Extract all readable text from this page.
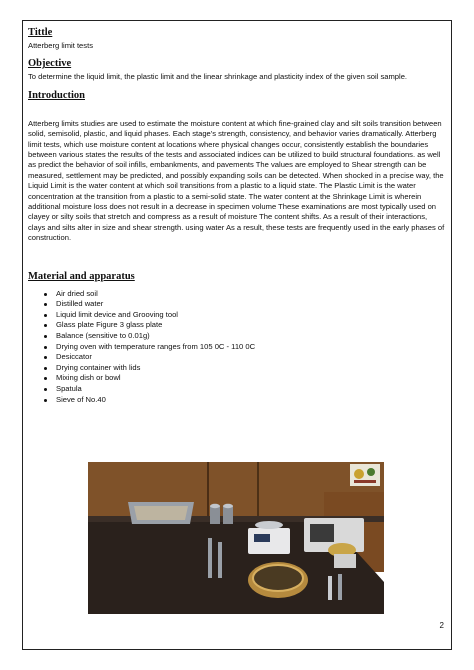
Tittle

Atterberg limit tests

Objective

To determine the liquid limit, the plastic limit and the linear shrinkage and plasticity index of the given soil sample.

Introduction

Atterberg limits studies are used to estimate the moisture content at which fine-grained clay and silt soils transition between solid, semisolid, plastic, and liquid phases. Each stage's strength, consistency, and behavior varies dramatically. Atterberg limit tests, which use moisture content at locations where physical changes occur, consistently establish the boundaries between various states the results of the tests and associated indices can be utilized to build structural foundations. as well as predict the behavior of soil infills, embankments, and pavements The values are employed to Shear strength can be measured, settlement may be predicted, and possibly expanding soils can be detected. When shocked in a precise way, the Liquid Limit is the water content at which soil transitions from a plastic to a liquid state. The Plastic Limit is the water concentration at the transition from a plastic to a semi-solid state. The water content at the Shrinkage Limit is wherein additional moisture loss does not result in a decrease in specimen volume These examinations are most typically used on clayey or silty soils that stretch and compress as a result of moisture The content shifts. As a result of their interactions, clays and silts alter in size and shear strength. using water As a result, these tests are frequently used in the early phases of construction.

Material and apparatus
Air dried soil
Distilled water
Liquid limit device and Grooving tool
Glass plate Figure 3 glass plate
Balance (sensitive to 0.01g)
Drying oven with temperature ranges from 105 0C - 110 0C
Desiccator
Drying container with lids
Mixing dish or bowl
Spatula
Sieve of No.40
2
